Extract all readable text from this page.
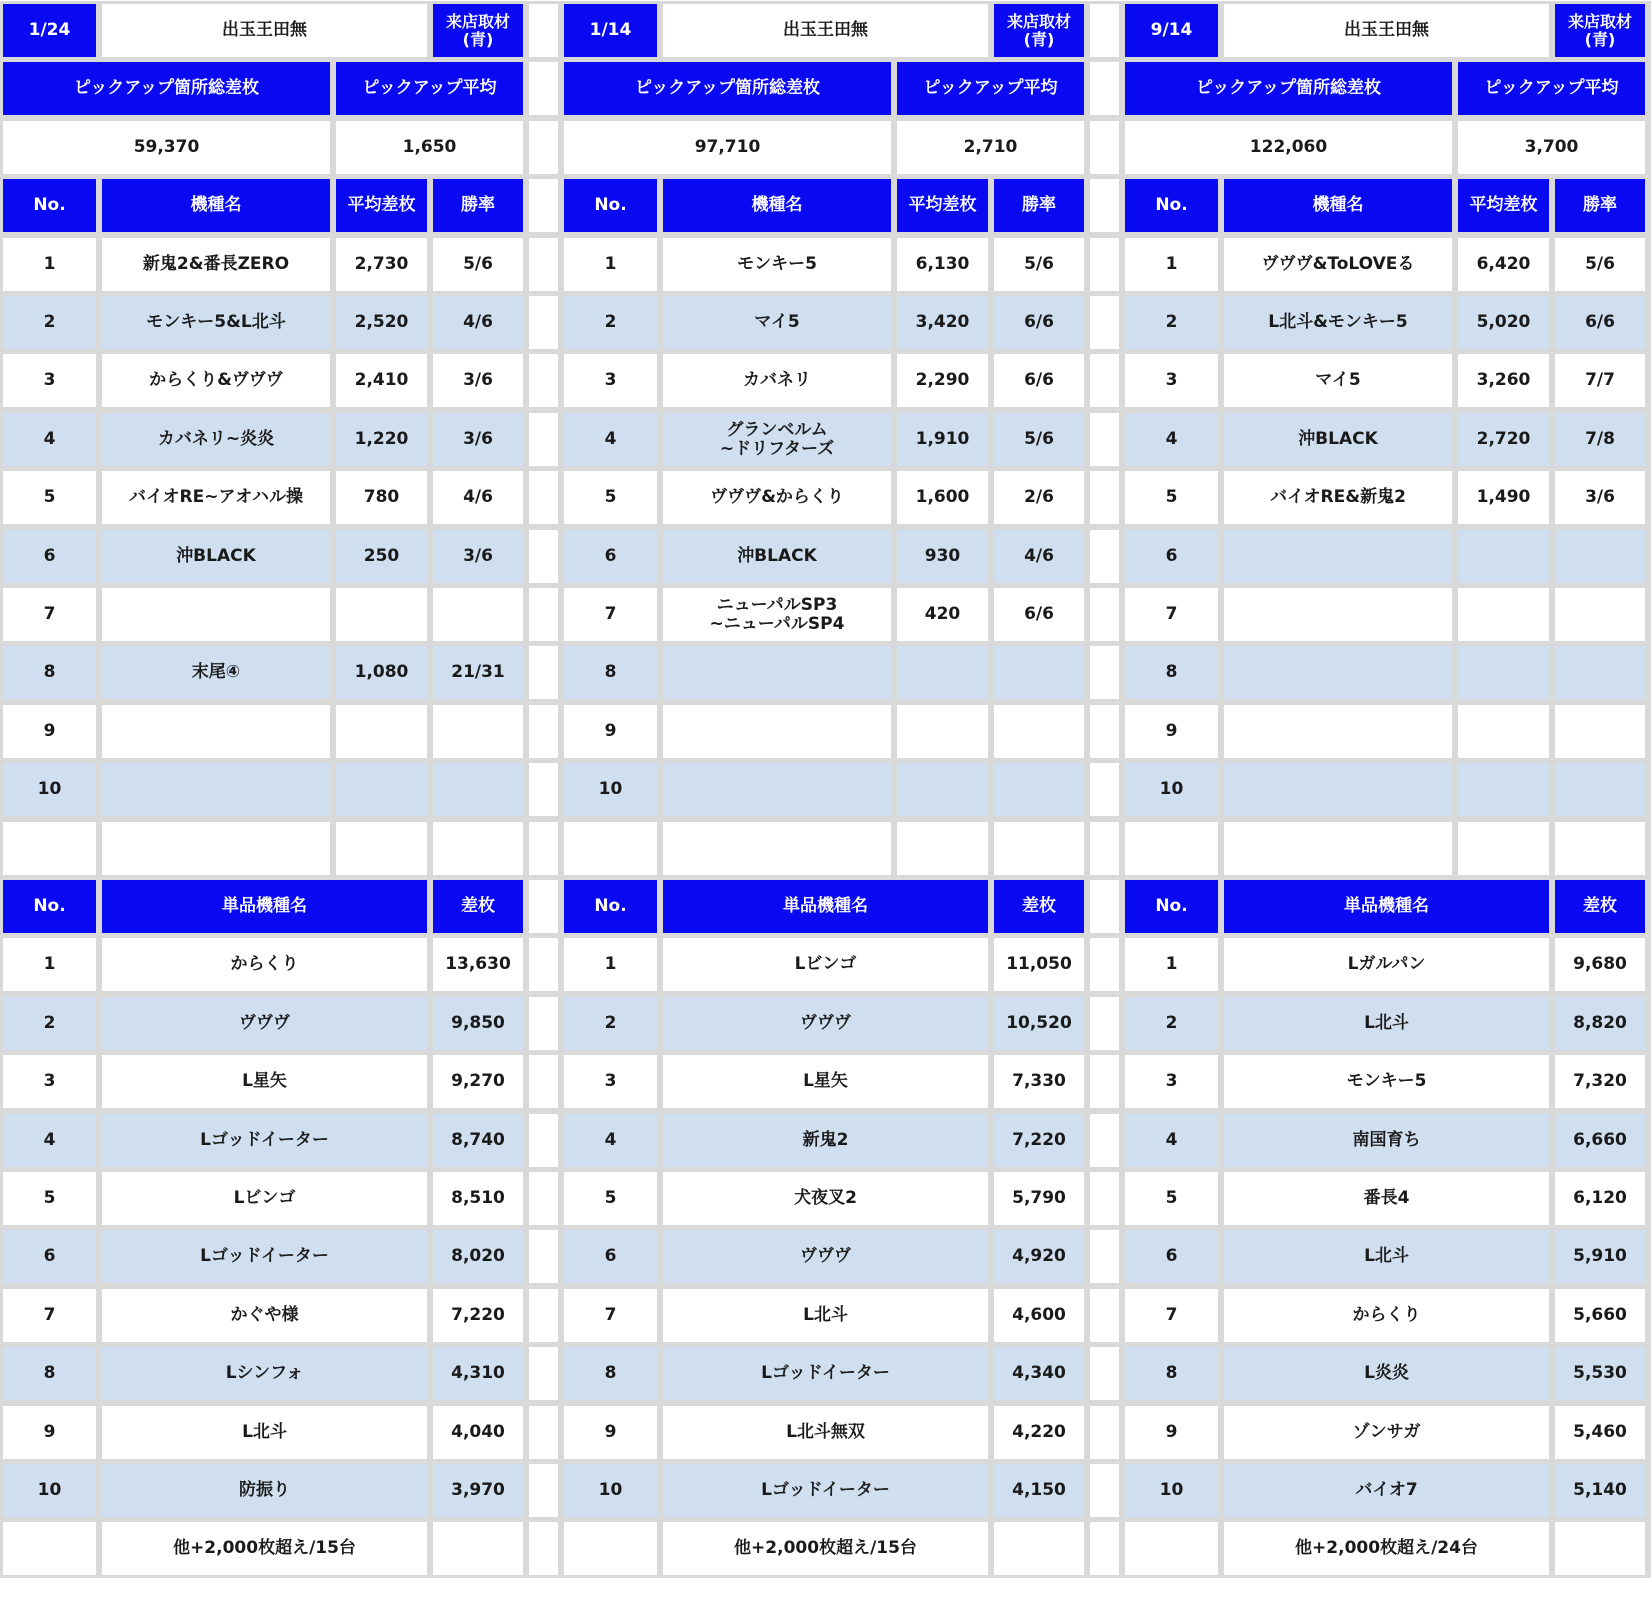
1/24	出玉王田無	来店取材
(青)
ピックアップ箇所総差枚	ピックアップ平均
59,370	1,650
No.	機種名	平均差枚	勝率
1	新鬼2&番長ZERO	2,730	5/6
2	モンキー5&L北斗	2,520	4/6
3	からくり&ヴヴヴ	2,410	3/6
4	カバネリ~炎炎	1,220	3/6
5	バイオRE~アオハル操	780	4/6
6	沖BLACK	250	3/6
7
8	末尾④	1,080	21/31
9
10
No.	単品機種名	差枚
1	からくり	13,630
2	ヴヴヴ	9,850
3	L星矢	9,270
4	Lゴッドイーター	8,740
5	Lビンゴ	8,510
6	Lゴッドイーター	8,020
7	かぐや様	7,220
8	Lシンフォ	4,310
9	L北斗	4,040
10	防振り	3,970
他+2,000枚超え/15台
1/14	出玉王田無	来店取材
(青)
ピックアップ箇所総差枚	ピックアップ平均
97,710	2,710
No.	機種名	平均差枚	勝率
1	モンキー5	6,130	5/6
2	マイ5	3,420	6/6
3	カバネリ	2,290	6/6
4	グランベルム
~ドリフターズ	1,910	5/6
5	ヴヴヴ&からくり	1,600	2/6
6	沖BLACK	930	4/6
7	ニューパルSP3
~ニューパルSP4	420	6/6
8
9
10
No.	単品機種名	差枚
1	Lビンゴ	11,050
2	ヴヴヴ	10,520
3	L星矢	7,330
4	新鬼2	7,220
5	犬夜叉2	5,790
6	ヴヴヴ	4,920
7	L北斗	4,600
8	Lゴッドイーター	4,340
9	L北斗無双	4,220
10	Lゴッドイーター	4,150
他+2,000枚超え/15台
9/14	出玉王田無	来店取材
(青)
ピックアップ箇所総差枚	ピックアップ平均
122,060	3,700
No.	機種名	平均差枚	勝率
1	ヴヴヴ&ToLOVEる	6,420	5/6
2	L北斗&モンキー5	5,020	6/6
3	マイ5	3,260	7/7
4	沖BLACK	2,720	7/8
5	バイオRE&新鬼2	1,490	3/6
6
7
8
9
10
No.	単品機種名	差枚
1	Lガルパン	9,680
2	L北斗	8,820
3	モンキー5	7,320
4	南国育ち	6,660
5	番長4	6,120
6	L北斗	5,910
7	からくり	5,660
8	L炎炎	5,530
9	ゾンサガ	5,460
10	バイオ7	5,140
他+2,000枚超え/24台
